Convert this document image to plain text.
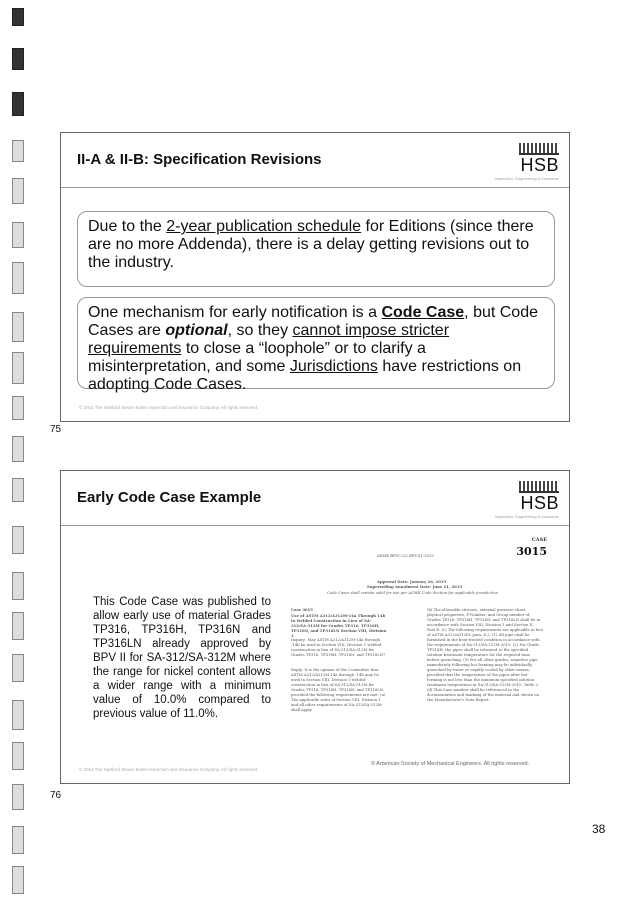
II-A & II-B: Specification Revisions	HSB
Inspection, Engineering & Insurance
Due to the 2-year publication schedule for Editions (since there are no more Addenda), there is a delay getting revisions out to the industry.
One mechanism for early notification is a Code Case, but Code Cases are optional, so they cannot impose stricter requirements to close a “loophole” or to clarify a misinterpretation, and some Jurisdictions have restrictions on adopting Code Cases.
© 2014 The Hartford Steam Boiler Inspection and Insurance Company. All rights reserved.
75
Early Code Case Example	HSB
Inspection, Engineering & Insurance
This Code Case was published to allow early use of material Grades TP316, TP316H, TP316N and TP316LN already approved by BPV II for SA-312/SA-312M where the range for nickel content allows a wider range with a minimum value of 10.0% compared to previous value of 11.0%.
CASE
3015
ASME BPVC.CC.BPV.S1-2015
Approval Date: January 26, 2015
Superseding Annulment Date: June 21, 2015
Code Cases shall remain valid for use per ASME Code Section for applicable jurisdiction
Case 3015
Use of ASTM A312/A312M-14a Through 14b in Welded Construction in Lieu of SA-312/SA-312M for Grades TP316, TP316H, TP316N, and TP316LN Section VIII, Division 1
Inquiry: May ASTM A312/A312M-14a through -14b be used in Section VIII, Division 1 welded construction in lieu of SA-312/SA-312M for Grades TP316, TP316H, TP316N, and TP316LN?
Reply: It is the opinion of the Committee that ASTM A312/A312M-14a through -14b may be used in Section VIII, Division 1 welded construction in lieu of SA-312/SA-312M for Grades TP316, TP316H, TP316N, and TP316LN, provided the following requirements are met: (a) The applicable rules of Section VIII, Division 1 and all other requirements of SA-312/SA-312M shall apply.
(b) The allowable stresses, external pressure chart, physical properties, P-Number, and Group number of Grades TP316, TP316H, TP316N, and TP316LN shall be in accordance with Section VIII, Division 1 and Section II, Part D. (c) The following requirements are applicable in lieu of ASTM A312/A312M, para. 6.2. (1) All pipe shall be furnished in the heat-treated condition in accordance with the requirements of SA-312/SA-312M-2010. (2) For Grade TP316H, the pipes shall be reheated to the specified solution treatment temperature for the required time before quenching. (3) For all other grades, seamless pipe immediately following hot forming may be individually quenched by water or rapidly cooled by other means, provided that the temperature of the pipes after hot forming is not less than the minimum specified solution treatment temperature in SA-312/SA-312M-2010, Table 2. (d) This Case number shall be referenced in the documentation and marking of the material and shown on the Manufacturer's Data Report.
© American Society of Mechanical Engineers. All rights reserved.
© 2014 The Hartford Steam Boiler Inspection and Insurance Company. All rights reserved.
76
38
